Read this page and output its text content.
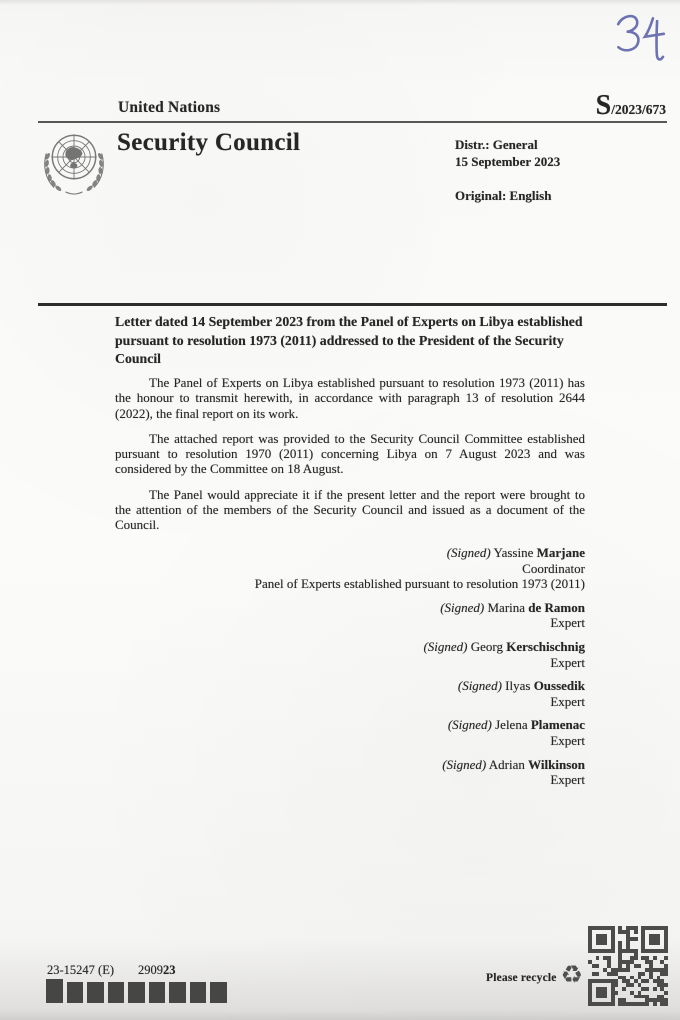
United Nations	S/2023/673
Security Council	Distr.: General
15 September 2023
Original: English
Letter dated 14 September 2023 from the Panel of Experts on Libya established pursuant to resolution 1973 (2011) addressed to the President of the Security Council

The Panel of Experts on Libya established pursuant to resolution 1973 (2011) has the honour to transmit herewith, in accordance with paragraph 13 of resolution 2644 (2022), the final report on its work.

The attached report was provided to the Security Council Committee established pursuant to resolution 1970 (2011) concerning Libya on 7 August 2023 and was considered by the Committee on 18 August.

The Panel would appreciate it if the present letter and the report were brought to the attention of the members of the Security Council and issued as a document of the Council.

(Signed) Yassine Marjane
Coordinator
Panel of Experts established pursuant to resolution 1973 (2011)
(Signed) Marina de Ramon
Expert
(Signed) Georg Kerschischnig
Expert
(Signed) Ilyas Oussedik
Expert
(Signed) Jelena Plamenac
Expert
(Signed) Adrian Wilkinson
Expert
23-15247 (E) 290923
Please recycle ♻
